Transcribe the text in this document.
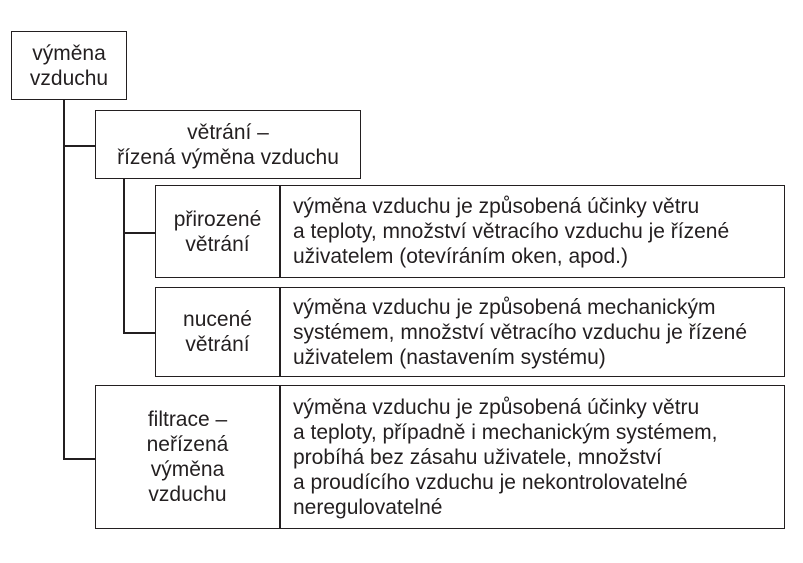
výměna
vzduchu
větrání –
řízená výměna vzduchu
přirozené
větrání
výměna vzduchu je způsobená účinky větru
a teploty, množství větracího vzduchu je řízené
uživatelem (otevíráním oken, apod.)
nucené
větrání
výměna vzduchu je způsobená mechanickým
systémem, množství větracího vzduchu je řízené
uživatelem (nastavením systému)
filtrace –
neřízená
výměna
vzduchu
výměna vzduchu je způsobená účinky větru
a teploty, případně i mechanickým systémem,
probíhá bez zásahu uživatele, množství
a proudícího vzduchu je nekontrolovatelné
neregulovatelné
